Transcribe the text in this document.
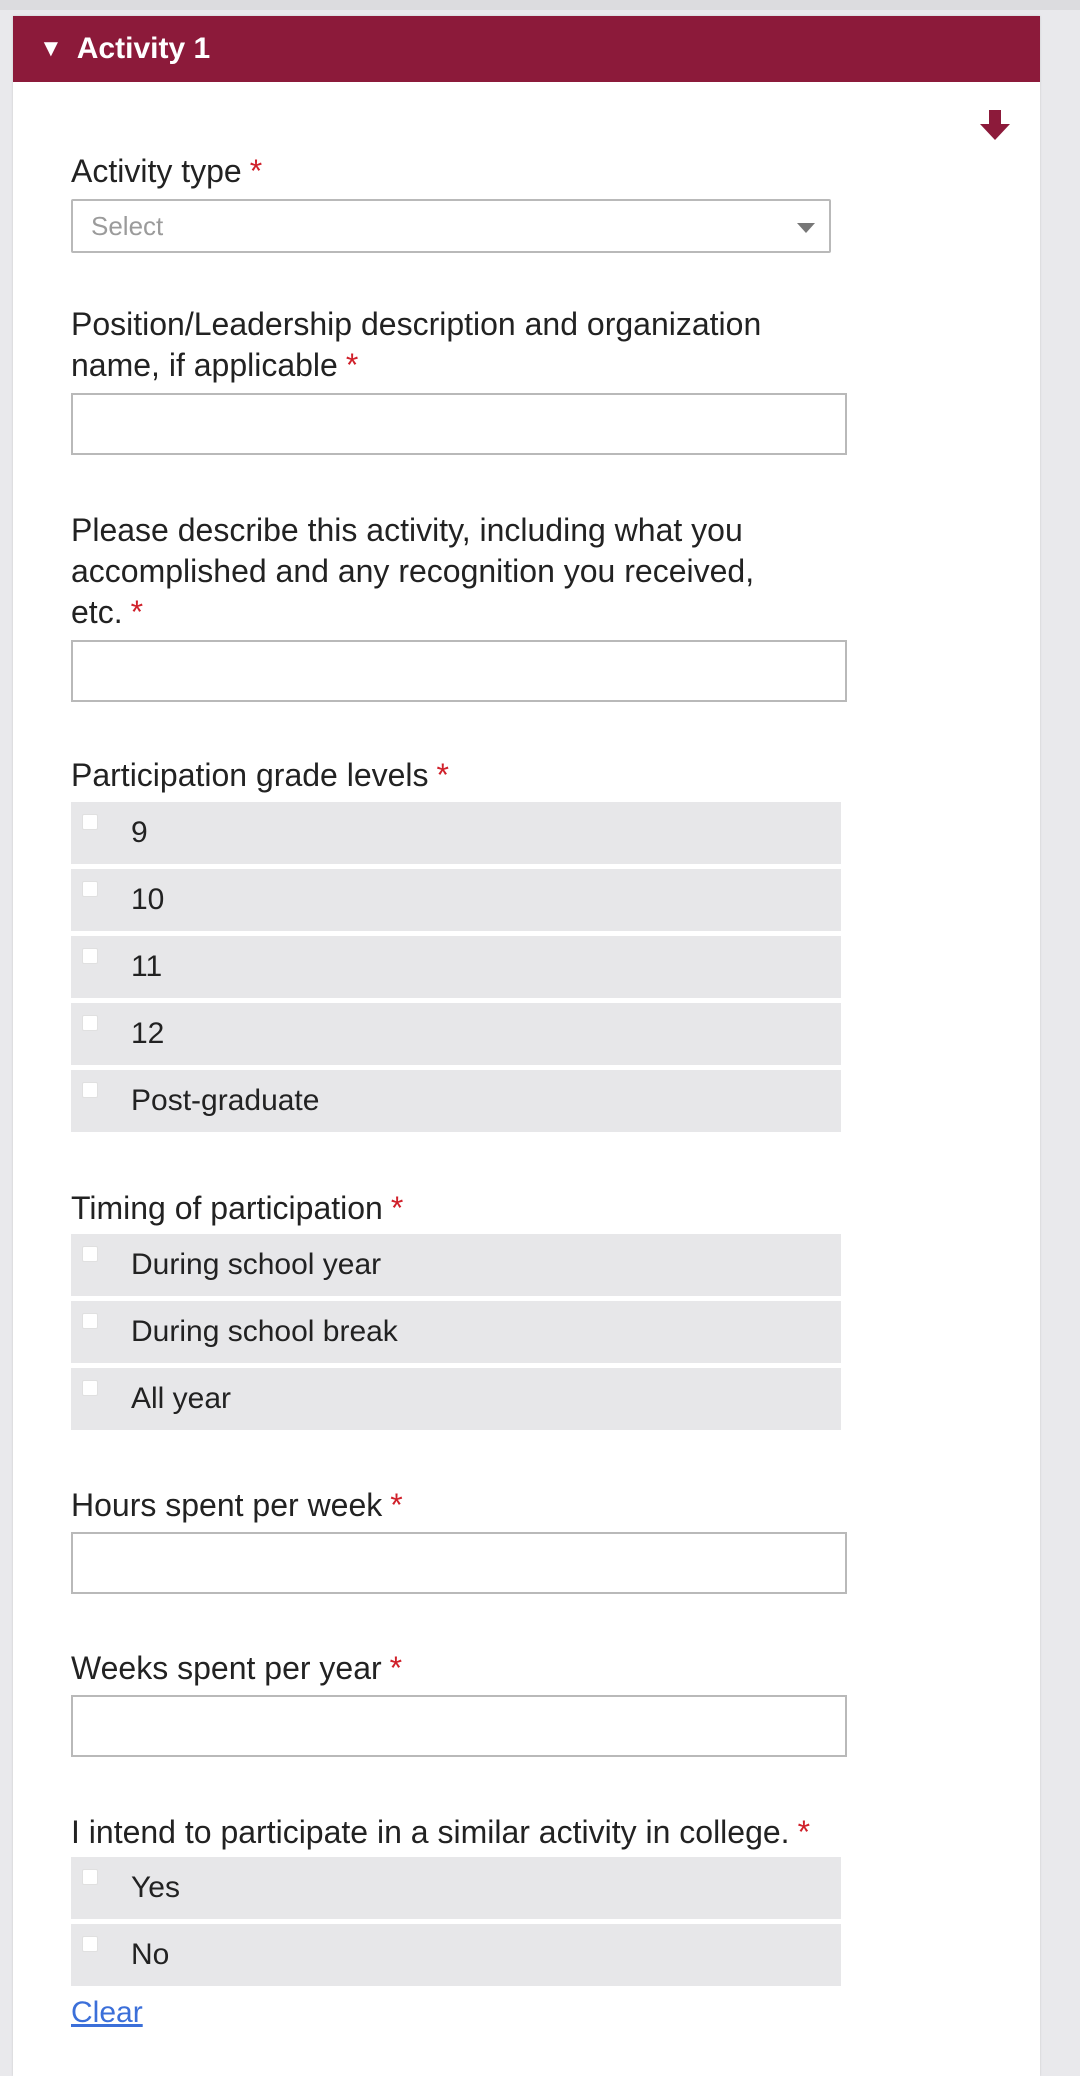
▼ Activity 1
Activity type *
Select
Position/Leadership description and organization
name, if applicable *
Please describe this activity, including what you
accomplished and any recognition you received,
etc. *
Participation grade levels *
9
10
11
12
Post-graduate
Timing of participation *
During school year
During school break
All year
Hours spent per week *
Weeks spent per year *
I intend to participate in a similar activity in college. *
Yes
No
Clear
